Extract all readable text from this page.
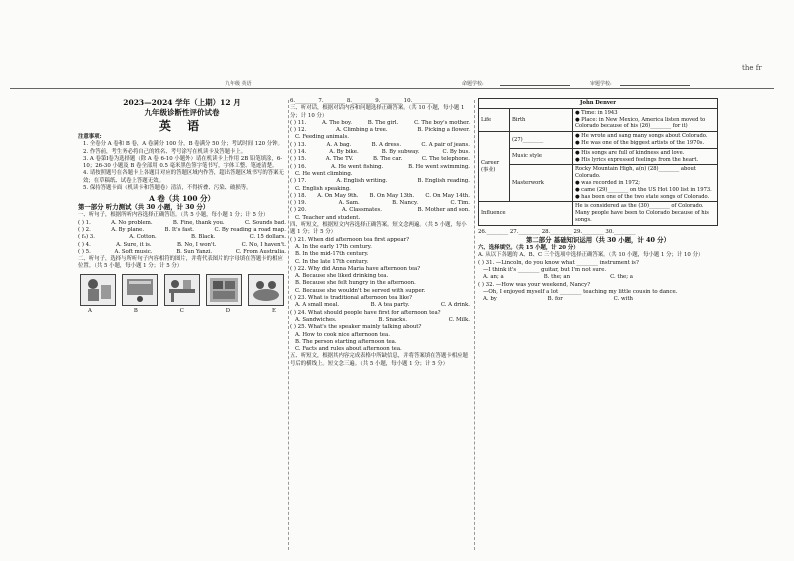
the fr
九年级 英语	命题学校:	审题学校:
2023—2024 学年（上期）12 月
九年级诊断性评价试卷
英 语
注意事项:
1. 全卷分 A 卷和 B 卷，A 卷满分 100 分，B 卷满分 50 分；考试时间 120 分钟。
2. 作答前，考生务必将自己的姓名、考号涂写在机读卡及答题卡上。
3. A 卷第Ⅰ卷为选择题（除 A 卷 6-10 小题外）请在机读卡上作用 2B 铅笔填涂，6-10；26-30 小题及 B 卷全部用 0.5 毫米黑色签字笔书写，字体工整、笔迹清楚。
4. 请按照题号在各题卡上各题目对应的答题区域内作答，超出答题区域书写的答案无效；在草稿纸、试卷上答题无效。
5. 保持答题卡面（机读卡和答题卷）清洁，不得折叠、污染、破损等。
A 卷（共 100 分）
第一部分 听力测试（共 30 小题，计 30 分）
一、听句子，根据所听内容选择正确答语。（共 5 小题，每小题 1 分；计 5 分）
( ) 1.	A. No problem.	B. Fine, thank you.	C. Sounds bad.
( ) 2.	A. By plane.	B. It's fast.	C. By reading a road map.
( f₃) 3.	A. Cotton.	B. Black.	C. 15 dollars.
( ) 4.	A. Sure, it is.	B. No, I won't.	C. No, I haven't.
( ) 5.	A. Soft music.	B. Sun Yanzi.	C. From Australia.
二、听句子，选择与所听句子内容相符的图片，并将代表图片的字母填在答题卡的相应位置。（共 5 小题，每小题 1 分；计 5 分）
A	B	C	D	E
6.________ 7.________ 8.________ 9.________ 10.________
三、听对话，根据对话内容和问题选择正确答案。（共 10 小题，每小题 1 分；计 10 分）
( ) 11.	A. The boy.	B. The girl.	C. The boy's mother.
( ) 12.	A. Climbing a tree.	B. Picking a flower.
C. Feeding animals.
( ) 13.	A. A bag.	B. A dress.	C. A pair of jeans.
( ) 14.	A. By bike.	B. By subway.	C. By bus.
( ) 15.	A. The TV.	B. The car.	C. The telephone.
( ) 16.	A. He went fishing.	B. He went swimming.
C. He went climbing.
( ) 17.	A. English writing.	B. English reading.
C. English speaking.
( ) 18. A. On May 9th. B. On May 13th. C. On May 14th.
( ) 19.	A. Sam.	B. Nancy.	C. Tim.
( ) 20.	A. Classmates.	B. Mother and son.
C. Teacher and student.
四、听短文，根据短文内容选择正确答案。短文念两遍。（共 5 小题，每小题 1 分；计 5 分）
( ) 21. When did afternoon tea first appear?
A. In the early 17th century.
B. In the mid-17th century.
C. In the late 17th century.
( ) 22. Why did Anna Maria have afternoon tea?
A. Because she liked drinking tea.
B. Because she felt hungry in the afternoon.
C. Because she wouldn't be served with supper.
( ) 23. What is traditional afternoon tea like?
A. A small meal.	B. A tea party.	C. A drink.
( ) 24. What should people have first for afternoon tea?
A. Sandwiches.	B. Snacks.	C. Milk.
( ) 25. What's the speaker mainly talking about?
A. How to cook nice afternoon tea.
B. The person starting afternoon tea.
C. Facts and rules about afternoon tea.
五、听短文，根据其内容完成表格中所缺信息，并将答案填在答题卡相应题号后的横线上。短文念三遍。（共 5 小题，每小题 1 分；计 5 分）
John Denver		
Life	Birth	● Time: in 1943
● Place: in New Mexico, America listen moved to Colorado because of his (26)________ for it)

Career (事业)	(27)________	● He wrote and sang many songs about Colorado.
● He was one of the biggest artists of the 1970s.

	Music style	● His songs are full of kindness and love.
● His lyrics expressed feelings from the heart.

	Masterwork	Rocky Mountain High, a(n) (28)________ about Colorado.
● was recorded in 1972;
● came (29)________ on the US Hot 100 list in 1973.
● has been one of the two state songs of Colorado.

Influence		He is considered as the (30)________ of Colorado. Many people have been to Colorado because of his songs.
26.________ 27.________ 28.________ 29.________ 30.________
第二部分 基础知识运用（共 30 小题，计 40 分）
六、选择填空。（共 15 小题，计 20 分）
A. 从以下各题的 A、B、C 三个选项中选择正确答案。（共 10 小题，每小题 1 分；计 10 分）
( ) 31. —Lincoln, do you know what ________ instrument is?
—I think it's ________ guitar, but I'm not sure.
A. an; a	B. the; an	C. the; a
( ) 32. —How was your weekend, Nancy?
—Oh, I enjoyed myself a lot ________ teaching my little cousin to dance.
A. by	B. for	C. with
